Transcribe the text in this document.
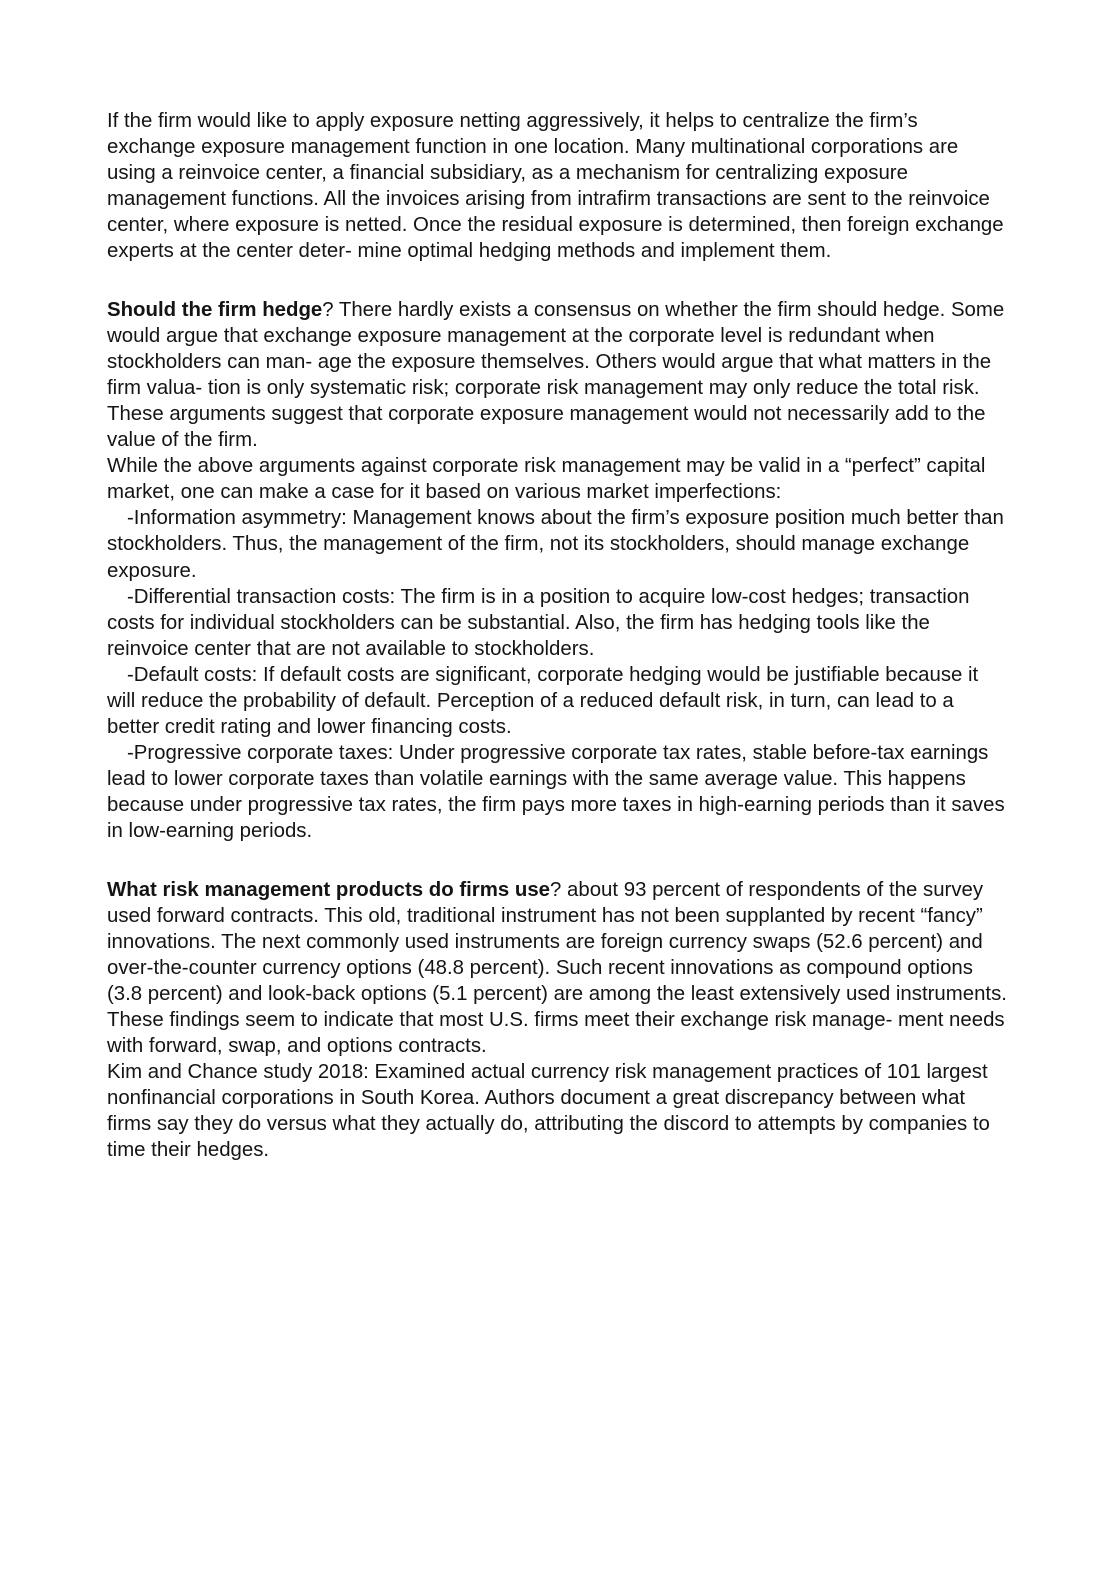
If the firm would like to apply exposure netting aggressively, it helps to centralize the firm’s exchange exposure management function in one location. Many multinational corporations are using a reinvoice center, a financial subsidiary, as a mechanism for centralizing exposure management functions. All the invoices arising from intrafirm transactions are sent to the reinvoice center, where exposure is netted. Once the residual exposure is determined, then foreign exchange experts at the center deter- mine optimal hedging methods and implement them.

Should the firm hedge? There hardly exists a consensus on whether the firm should hedge. Some would argue that exchange exposure management at the corporate level is redundant when stockholders can man- age the exposure themselves. Others would argue that what matters in the firm valua- tion is only systematic risk; corporate risk management may only reduce the total risk. These arguments suggest that corporate exposure management would not necessarily add to the value of the firm.

While the above arguments against corporate risk management may be valid in a “perfect” capital market, one can make a case for it based on various market imperfections:

-Information asymmetry: Management knows about the firm’s exposure position much better than stockholders. Thus, the management of the firm, not its stockholders, should manage exchange exposure.

-Differential transaction costs: The firm is in a position to acquire low-cost hedges; transaction costs for individual stockholders can be substantial. Also, the firm has hedging tools like the reinvoice center that are not available to stockholders.

-Default costs: If default costs are significant, corporate hedging would be justifiable because it will reduce the probability of default. Perception of a reduced default risk, in turn, can lead to a better credit rating and lower financing costs.

-Progressive corporate taxes: Under progressive corporate tax rates, stable before-tax earnings lead to lower corporate taxes than volatile earnings with the same average value. This happens because under progressive tax rates, the firm pays more taxes in high-earning periods than it saves in low-earning periods.

What risk management products do firms use? about 93 percent of respondents of the survey used forward contracts. This old, traditional instrument has not been supplanted by recent “fancy” innovations. The next commonly used instruments are foreign currency swaps (52.6 percent) and over-the-counter currency options (48.8 percent). Such recent innovations as compound options (3.8 percent) and look-back options (5.1 percent) are among the least extensively used instruments. These findings seem to indicate that most U.S. firms meet their exchange risk manage- ment needs with forward, swap, and options contracts.

Kim and Chance study 2018: Examined actual currency risk management practices of 101 largest nonfinancial corporations in South Korea. Authors document a great discrepancy between what firms say they do versus what they actually do, attributing the discord to attempts by companies to time their hedges.
